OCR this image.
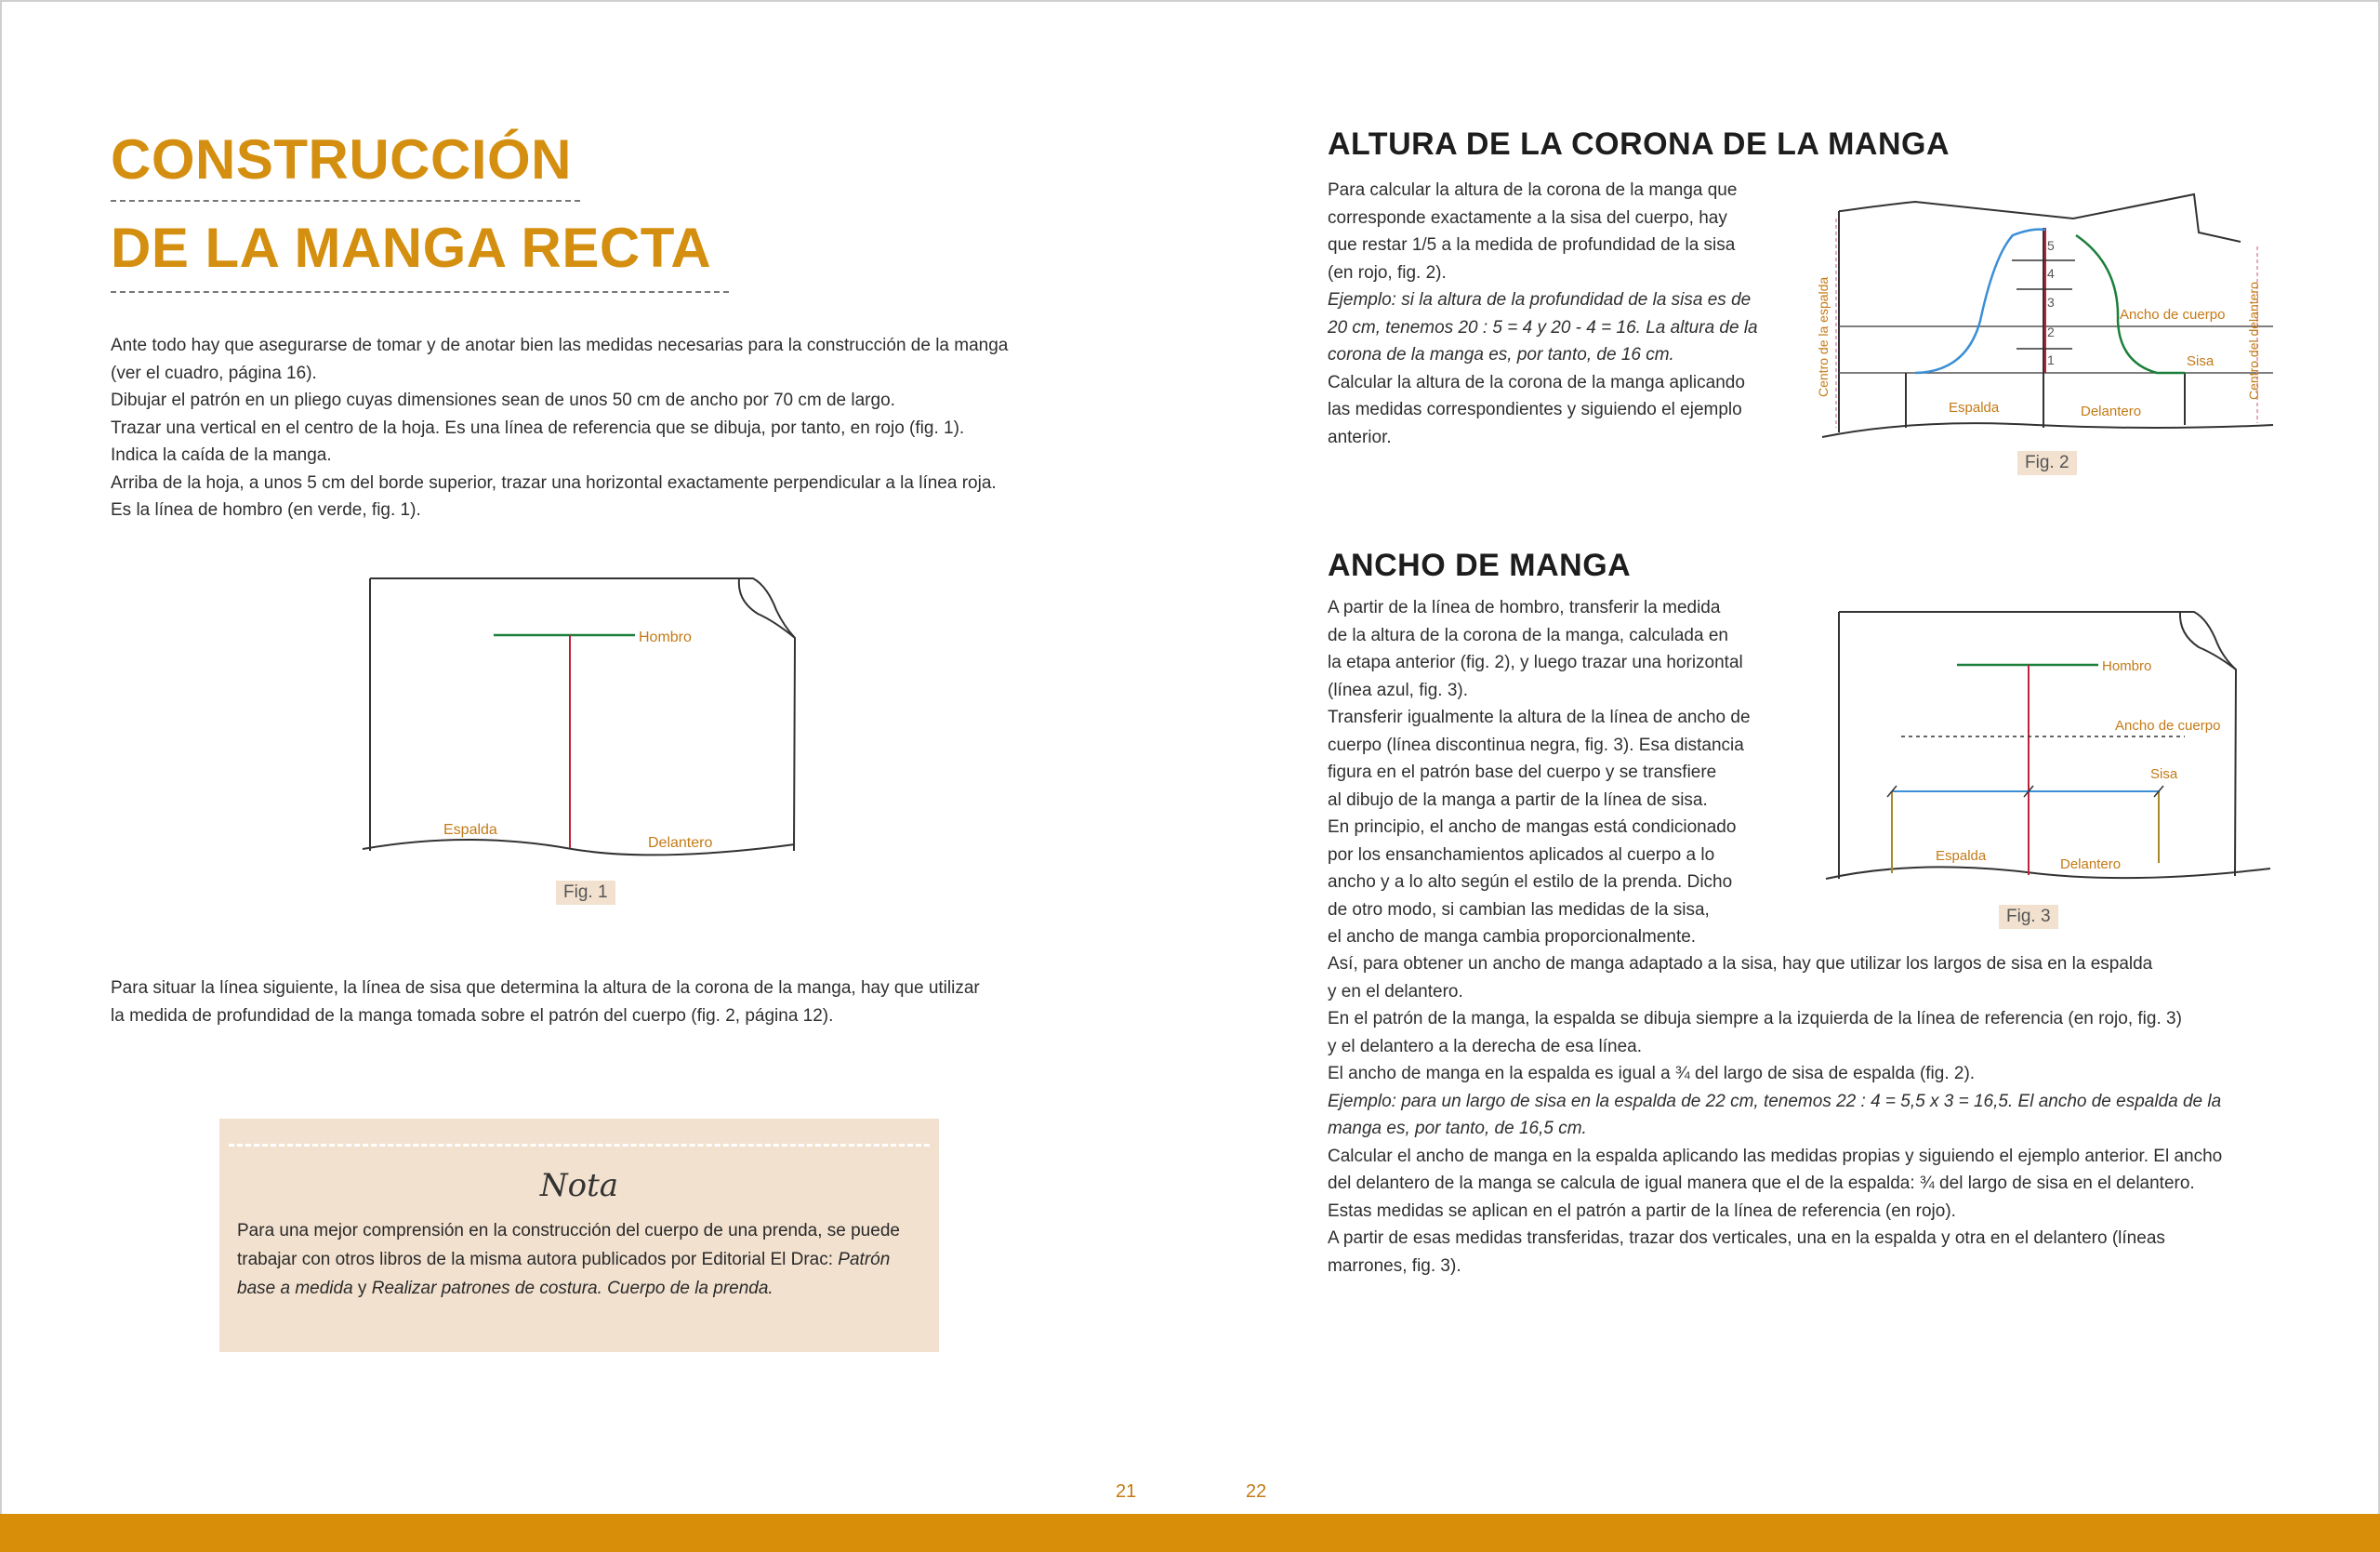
CONSTRUCCIÓN
DE LA MANGA RECTA

Ante todo hay que asegurarse de tomar y de anotar bien las medidas necesarias para la construcción de la manga (ver el cuadro, página 16).

Dibujar el patrón en un pliego cuyas dimensiones sean de unos 50 cm de ancho por 70 cm de largo.

Trazar una vertical en el centro de la hoja. Es una línea de referencia que se dibuja, por tanto, en rojo (fig. 1).

Indica la caída de la manga.

Arriba de la hoja, a unos 5 cm del borde superior, trazar una horizontal exactamente perpendicular a la línea roja.

Es la línea de hombro (en verde, fig. 1).

Hombro
Espalda
Delantero
Fig. 1

Para situar la línea siguiente, la línea de sisa que determina la altura de la corona de la manga, hay que utilizar

la medida de profundidad de la manga tomada sobre el patrón del cuerpo (fig. 2, página 12).

Nota
Para una mejor comprensión en la construcción del cuerpo de una prenda, se puede trabajar con otros libros de la misma autora publicados por Editorial El Drac: Patrón base a medida y Realizar patrones de costura. Cuerpo de la prenda.
21
ALTURA DE LA CORONA DE LA MANGA

Para calcular la altura de la corona de la manga que

corresponde exactamente a la sisa del cuerpo, hay

que restar 1/5 a la medida de profundidad de la sisa

(en rojo, fig. 2).

Ejemplo: si la altura de la profundidad de la sisa es de

20 cm, tenemos 20 : 5 = 4 y 20 - 4 = 16. La altura de la

corona de la manga es, por tanto, de 16 cm.

Calcular la altura de la corona de la manga aplicando

las medidas correspondientes y siguiendo el ejemplo

anterior.

5
4
3
2
1
Centro de la espalda	Centro del delantero
Ancho de cuerpo
Sisa
Espalda	Delantero
Fig. 2
ANCHO DE MANGA

A partir de la línea de hombro, transferir la medida

de la altura de la corona de la manga, calculada en

la etapa anterior (fig. 2), y luego trazar una horizontal

(línea azul, fig. 3).

Transferir igualmente la altura de la línea de ancho de

cuerpo (línea discontinua negra, fig. 3). Esa distancia

figura en el patrón base del cuerpo y se transfiere

al dibujo de la manga a partir de la línea de sisa.

En principio, el ancho de mangas está condicionado

por los ensanchamientos aplicados al cuerpo a lo

ancho y a lo alto según el estilo de la prenda. Dicho

de otro modo, si cambian las medidas de la sisa,

el ancho de manga cambia proporcionalmente.

Así, para obtener un ancho de manga adaptado a la sisa, hay que utilizar los largos de sisa en la espalda

y en el delantero.

En el patrón de la manga, la espalda se dibuja siempre a la izquierda de la línea de referencia (en rojo, fig. 3)

y el delantero a la derecha de esa línea.

El ancho de manga en la espalda es igual a ¾ del largo de sisa de espalda (fig. 2).

Ejemplo: para un largo de sisa en la espalda de 22 cm, tenemos 22 : 4 = 5,5 x 3 = 16,5. El ancho de espalda de la

manga es, por tanto, de 16,5 cm.

Calcular el ancho de manga en la espalda aplicando las medidas propias y siguiendo el ejemplo anterior. El ancho

del delantero de la manga se calcula de igual manera que el de la espalda: ¾ del largo de sisa en el delantero.

Estas medidas se aplican en el patrón a partir de la línea de referencia (en rojo).

A partir de esas medidas transferidas, trazar dos verticales, una en la espalda y otra en el delantero (líneas

marrones, fig. 3).

Hombro
Ancho de cuerpo
Sisa
Espalda
Delantero
Fig. 3
22
